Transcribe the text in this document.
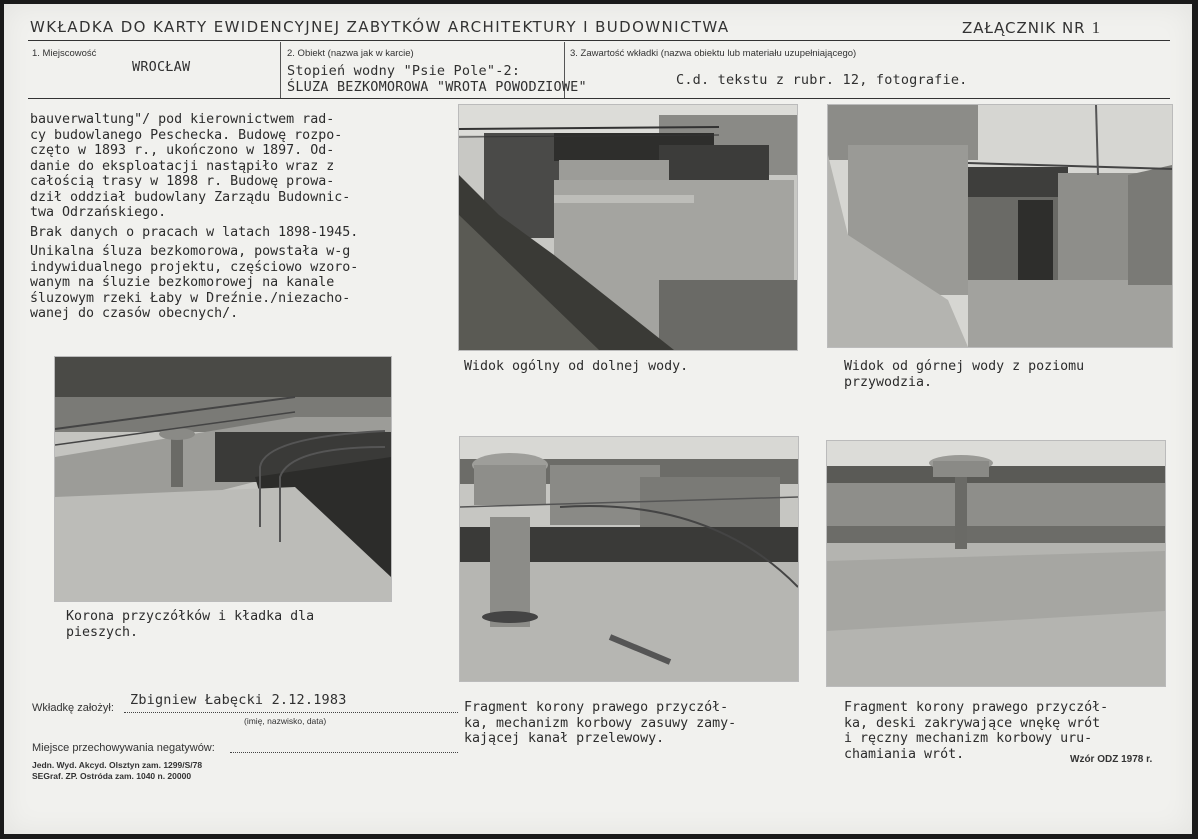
WKŁADKA DO KARTY EWIDENCYJNEJ ZABYTKÓW ARCHITEKTURY I BUDOWNICTWA	ZAŁĄCZNIK NR 1
1. Miejscowość
WROCŁAW
2. Obiekt (nazwa jak w karcie)
Stopień wodny "Psie Pole"-2:
ŚLUZA BEZKOMOROWA "WROTA POWODZIOWE"
3. Zawartość wkładki (nazwa obiektu lub materiału uzupełniającego)
C.d. tekstu z rubr. 12, fotografie.

bauverwaltung"/ pod kierownictwem rad-
cy budowlanego Peschecka. Budowę rozpo-
częto w 1893 r., ukończono w 1897. Od-
danie do eksploatacji nastąpiło wraz z
całością trasy w 1898 r. Budowę prowa-
dził oddział budowlany Zarządu Budownic-
twa Odrzańskiego.

Brak danych o pracach w latach 1898-1945.

Unikalna śluza bezkomorowa, powstała w-g
indywidualnego projektu, częściowo wzoro-
wanym na śluzie bezkomorowej na kanale
śluzowym rzeki Łaby w Dreźnie./niezacho-
wanej do czasów obecnych/.

Widok ogólny od dolnej wody.	Widok od górnej wody z poziomu
przywodzia.
Korona przyczółków i kładka dla
pieszych.
Fragment korony prawego przyczół-
ka, mechanizm korbowy zasuwy zamy-
kającej kanał przelewowy.
Fragment korony prawego przyczół-
ka, deski zakrywające wnękę wrót
i ręczny mechanizm korbowy uru-
chamiania wrót.
Wkładkę założył: Zbigniew Łabęcki 2.12.1983
(imię, nazwisko, data)
Miejsce przechowywania negatywów:
Jedn. Wyd. Akcyd. Olsztyn zam. 1299/S/78
SEGraf. ZP. Ostróda zam. 1040 n. 20000
Wzór ODZ 1978 r.
